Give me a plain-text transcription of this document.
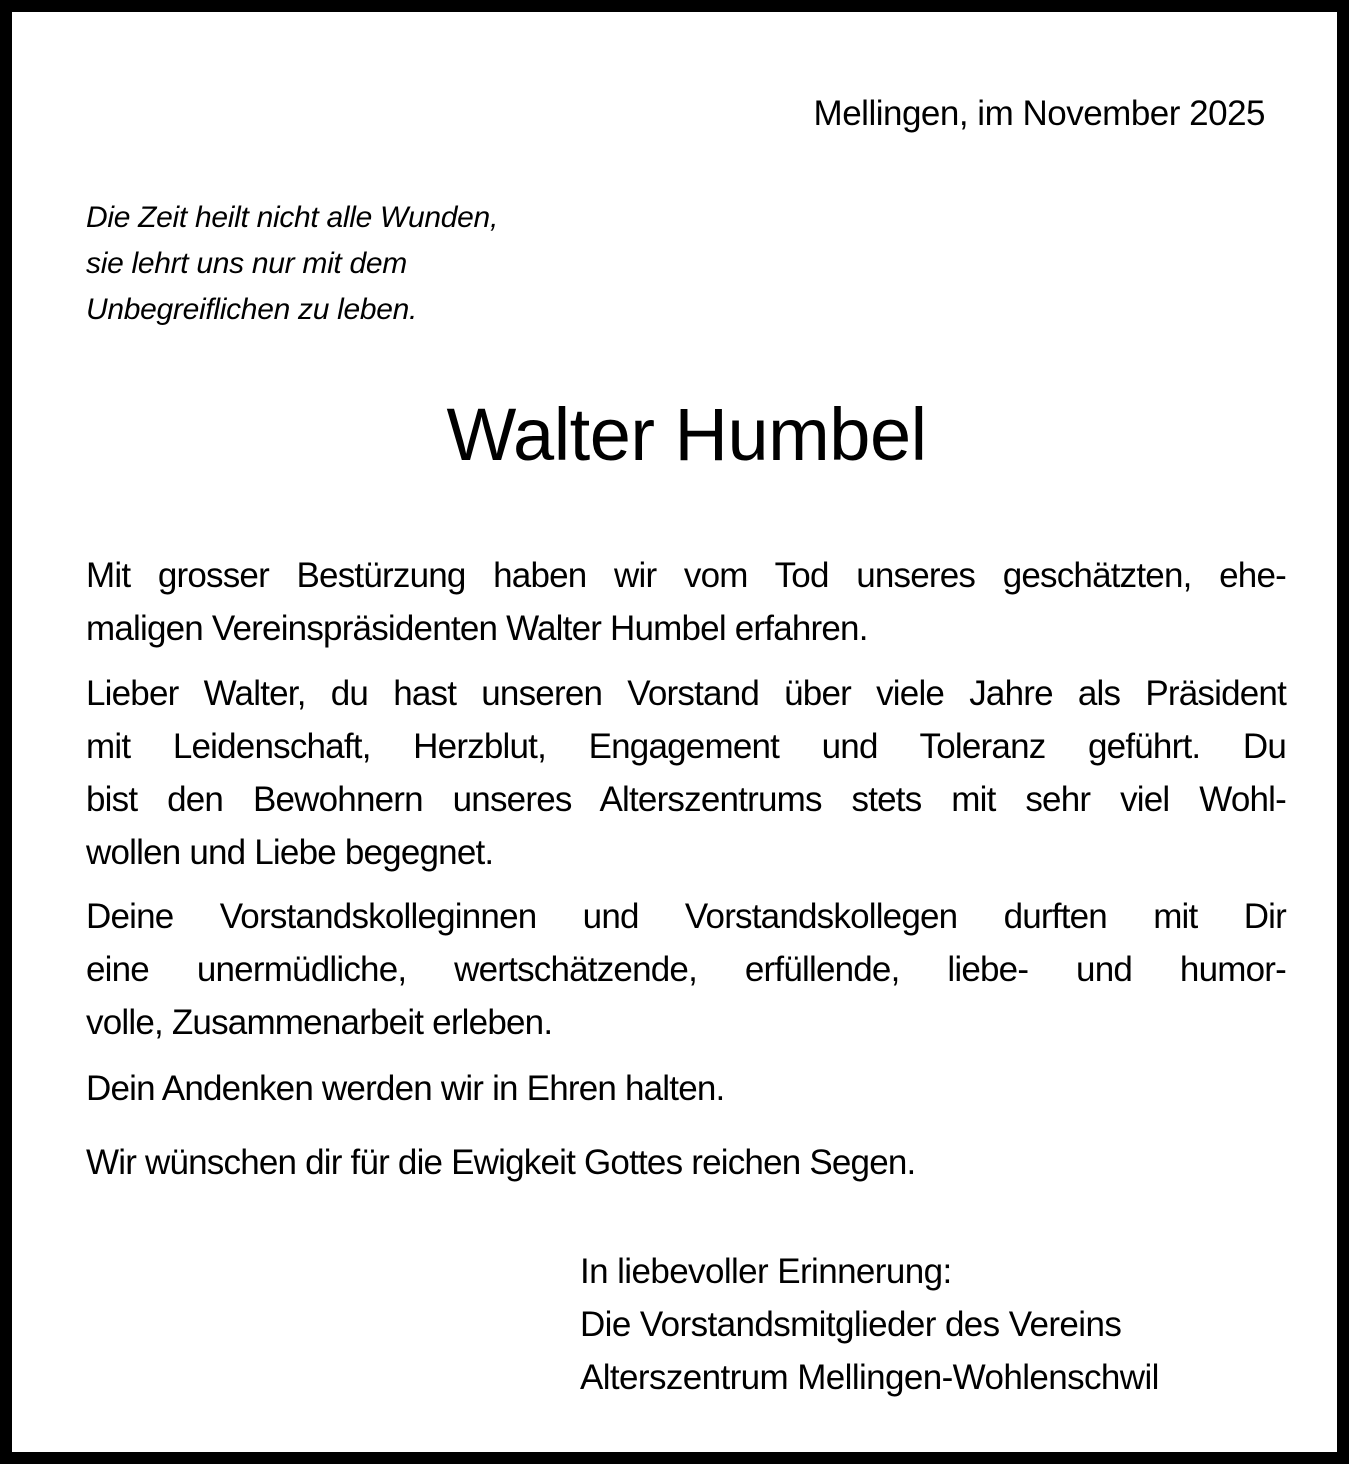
Mellingen, im November 2025
Die Zeit heilt nicht alle Wunden,
sie lehrt uns nur mit dem
Unbegreiflichen zu leben.
Walter Humbel
Mit grosser Bestürzung haben wir vom Tod unseres geschätzten, ehe-
maligen Vereinspräsidenten Walter Humbel erfahren.
Lieber Walter, du hast unseren Vorstand über viele Jahre als Präsident
mit Leidenschaft, Herzblut, Engagement und Toleranz geführt. Du
bist den Bewohnern unseres Alterszentrums stets mit sehr viel Wohl-
wollen und Liebe begegnet.
Deine Vorstandskolleginnen und Vorstandskollegen durften mit Dir
eine unermüdliche, wertschätzende, erfüllende, liebe- und humor-
volle, Zusammenarbeit erleben.
Dein Andenken werden wir in Ehren halten.
Wir wünschen dir für die Ewigkeit Gottes reichen Segen.
In liebevoller Erinnerung:
Die Vorstandsmitglieder des Vereins
Alterszentrum Mellingen-Wohlenschwil
